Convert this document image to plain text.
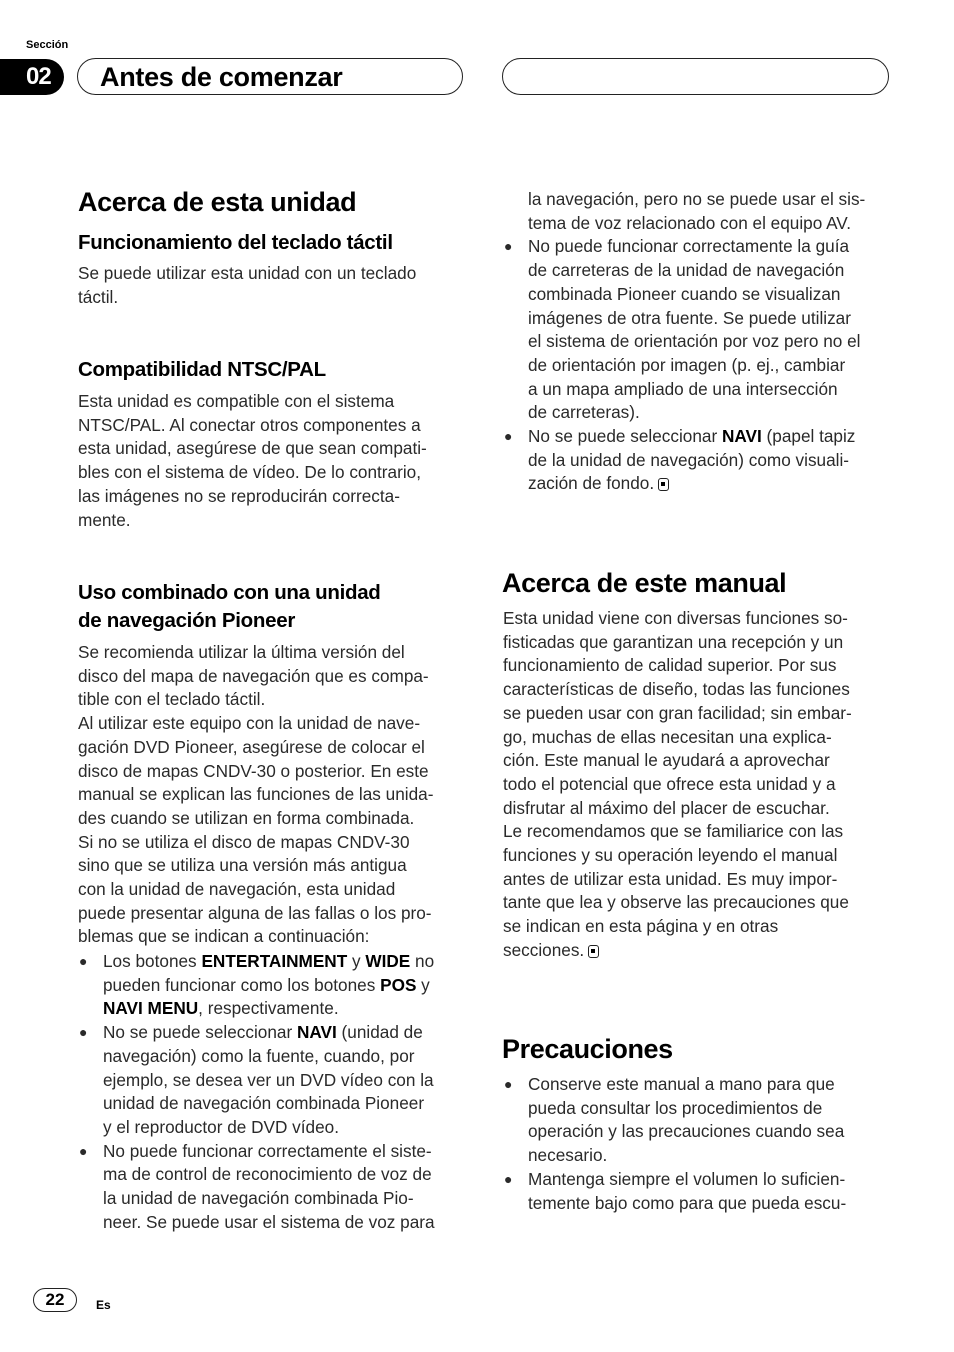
Sección
02	Antes de comenzar
Acerca de esta unidad
Funcionamiento del teclado táctil
Se puede utilizar esta unidad con un teclado
táctil.
Compatibilidad NTSC/PAL
Esta unidad es compatible con el sistema
NTSC/PAL. Al conectar otros componentes a
esta unidad, asegúrese de que sean compati-
bles con el sistema de vídeo. De lo contrario,
las imágenes no se reproducirán correcta-
mente.
Uso combinado con una unidad
de navegación Pioneer
Se recomienda utilizar la última versión del
disco del mapa de navegación que es compa-
tible con el teclado táctil.
Al utilizar este equipo con la unidad de nave-
gación DVD Pioneer, asegúrese de colocar el
disco de mapas CNDV-30 o posterior. En este
manual se explican las funciones de las unida-
des cuando se utilizan en forma combinada.
Si no se utiliza el disco de mapas CNDV-30
sino que se utiliza una versión más antigua
con la unidad de navegación, esta unidad
puede presentar alguna de las fallas o los pro-
blemas que se indican a continuación:
● Los botones ENTERTAINMENT y WIDE no
pueden funcionar como los botones POS y
NAVI MENU, respectivamente.
● No se puede seleccionar NAVI (unidad de
navegación) como la fuente, cuando, por
ejemplo, se desea ver un DVD vídeo con la
unidad de navegación combinada Pioneer
y el reproductor de DVD vídeo.
● No puede funcionar correctamente el siste-
ma de control de reconocimiento de voz de
la unidad de navegación combinada Pio-
neer. Se puede usar el sistema de voz para
la navegación, pero no se puede usar el sis-
tema de voz relacionado con el equipo AV.
● No puede funcionar correctamente la guía
de carreteras de la unidad de navegación
combinada Pioneer cuando se visualizan
imágenes de otra fuente. Se puede utilizar
el sistema de orientación por voz pero no el
de orientación por imagen (p. ej., cambiar
a un mapa ampliado de una intersección
de carreteras).
● No se puede seleccionar NAVI (papel tapiz
de la unidad de navegación) como visuali-
zación de fondo.
Acerca de este manual
Esta unidad viene con diversas funciones so-
fisticadas que garantizan una recepción y un
funcionamiento de calidad superior. Por sus
características de diseño, todas las funciones
se pueden usar con gran facilidad; sin embar-
go, muchas de ellas necesitan una explica-
ción. Este manual le ayudará a aprovechar
todo el potencial que ofrece esta unidad y a
disfrutar al máximo del placer de escuchar.
Le recomendamos que se familiarice con las
funciones y su operación leyendo el manual
antes de utilizar esta unidad. Es muy impor-
tante que lea y observe las precauciones que
se indican en esta página y en otras
secciones.
Precauciones
● Conserve este manual a mano para que
pueda consultar los procedimientos de
operación y las precauciones cuando sea
necesario.
● Mantenga siempre el volumen lo suficien-
temente bajo como para que pueda escu-
22	Es
